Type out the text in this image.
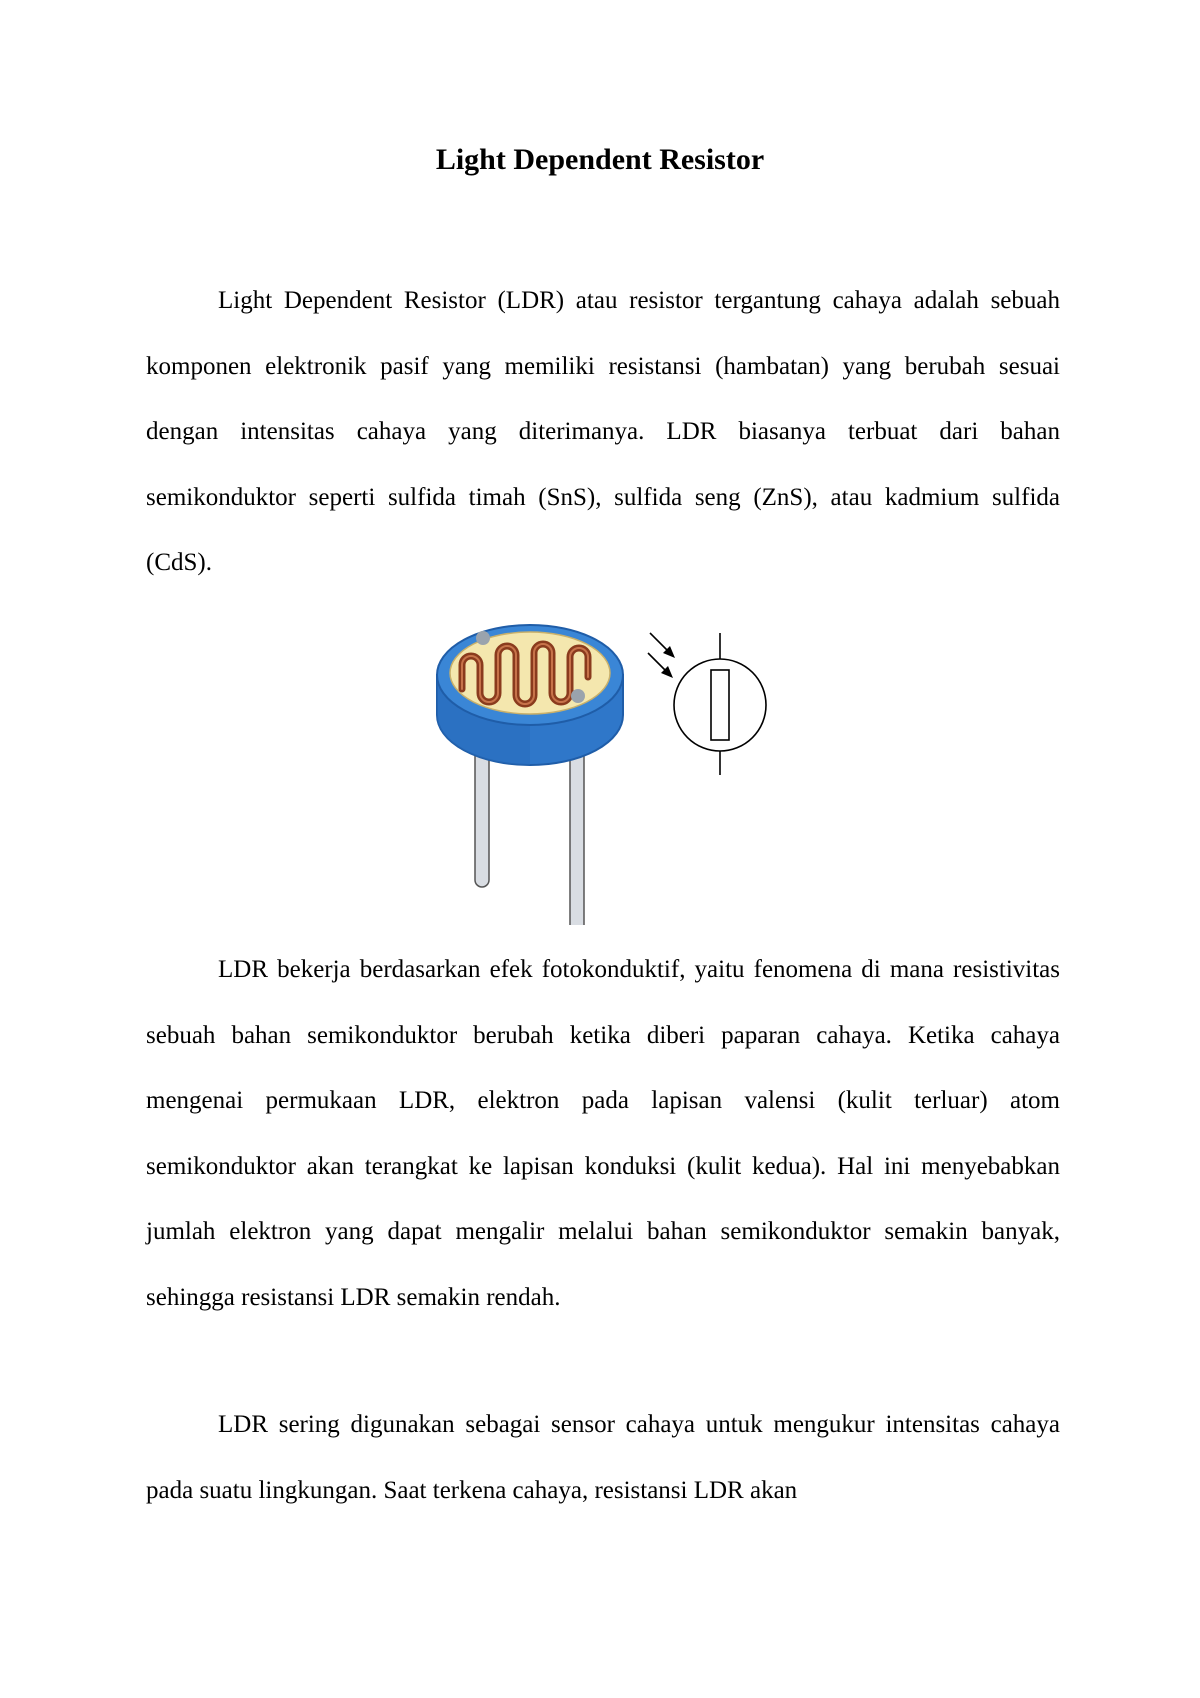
Light Dependent Resistor

Light Dependent Resistor (LDR) atau resistor tergantung cahaya adalah sebuah komponen elektronik pasif yang memiliki resistansi (hambatan) yang berubah sesuai dengan intensitas cahaya yang diterimanya. LDR biasanya terbuat dari bahan semikonduktor seperti sulfida timah (SnS), sulfida seng (ZnS), atau kadmium sulfida (CdS).

LDR bekerja berdasarkan efek fotokonduktif, yaitu fenomena di mana resistivitas sebuah bahan semikonduktor berubah ketika diberi paparan cahaya. Ketika cahaya mengenai permukaan LDR, elektron pada lapisan valensi (kulit terluar) atom semikonduktor akan terangkat ke lapisan konduksi (kulit kedua). Hal ini menyebabkan jumlah elektron yang dapat mengalir melalui bahan semikonduktor semakin banyak, sehingga resistansi LDR semakin rendah.

LDR sering digunakan sebagai sensor cahaya untuk mengukur intensitas cahaya pada suatu lingkungan. Saat terkena cahaya, resistansi LDR akan
